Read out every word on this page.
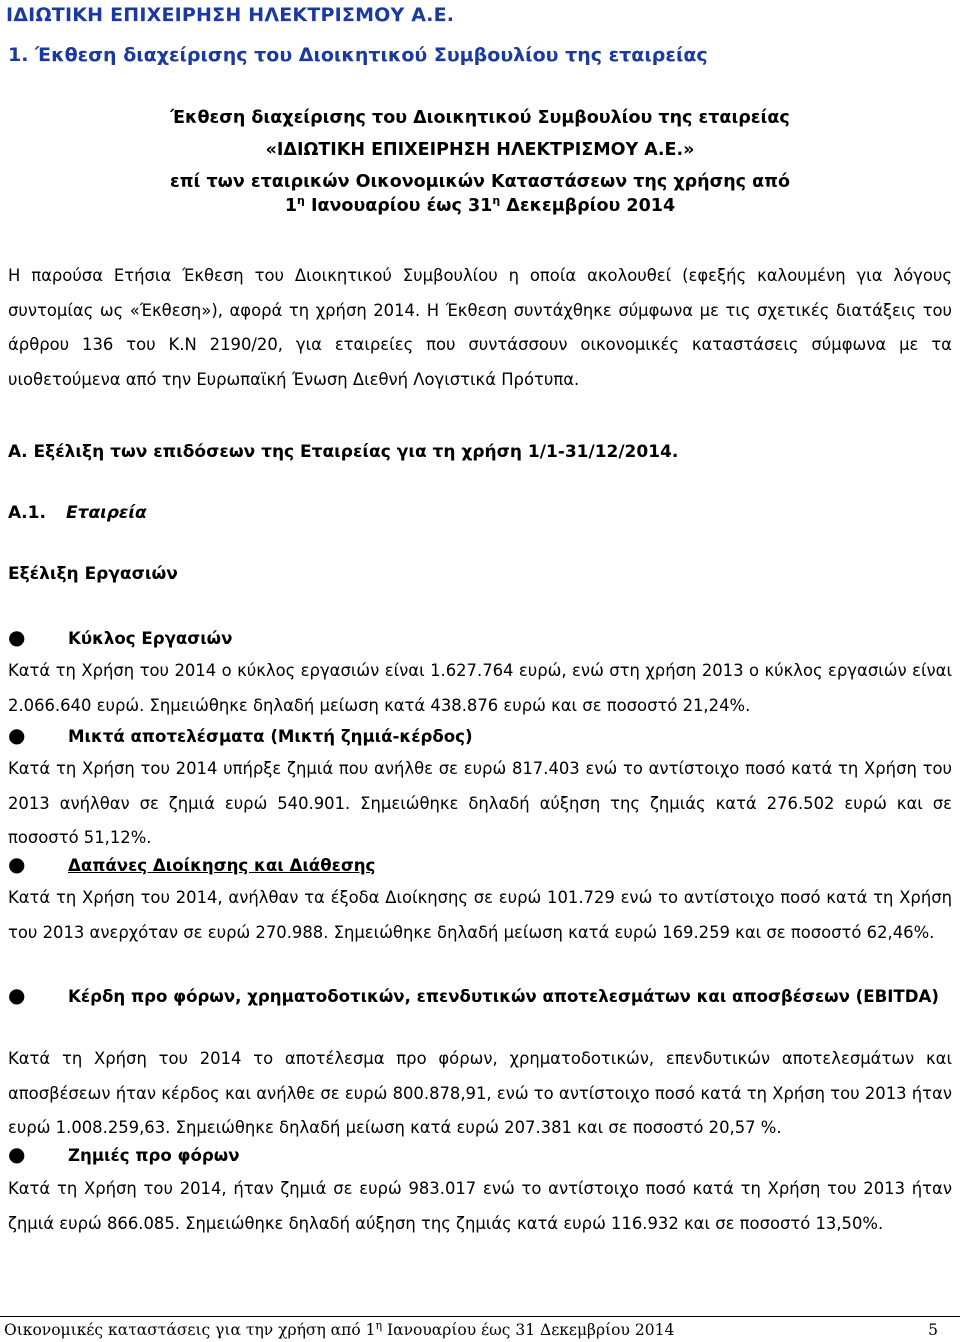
ΙΔΙΩΤΙΚΗ ΕΠΙΧΕΙΡΗΣΗ ΗΛΕΚΤΡΙΣΜΟΥ Α.Ε.
1. Έκθεση διαχείρισης του Διοικητικού Συμβουλίου της εταιρείας
Έκθεση διαχείρισης του Διοικητικού Συμβουλίου της εταιρείας
«ΙΔΙΩΤΙΚΗ ΕΠΙΧΕΙΡΗΣΗ ΗΛΕΚΤΡΙΣΜΟΥ Α.Ε.»
επί των εταιρικών Οικονομικών Καταστάσεων της χρήσης από
$1^\eta$ Ιανουαρίου έως $31^\eta$ Δεκεμβρίου 2014
Η παρούσα Ετήσια Έκθεση του Διοικητικού Συμβουλίου η οποία ακολουθεί (εφεξής καλουμένη για λόγους συντομίας ως «Έκθεση»), αφορά τη χρήση 2014. Η Έκθεση συντάχθηκε σύμφωνα με τις σχετικές διατάξεις του άρθρου 136 του Κ.Ν 2190/20, για εταιρείες που συντάσσουν οικονομικές καταστάσεις σύμφωνα με τα υιοθετούμενα από την Ευρωπαϊκή Ένωση Διεθνή Λογιστικά Πρότυπα.
Α. Εξέλιξη των επιδόσεων της Εταιρείας για τη χρήση 1/1-31/12/2014.
Α.1. Εταιρεία
Εξέλιξη Εργασιών
●	Κύκλος Εργασιών
Κατά τη Χρήση του 2014 ο κύκλος εργασιών είναι 1.627.764 ευρώ, ενώ στη χρήση 2013 ο κύκλος εργασιών είναι 2.066.640 ευρώ. Σημειώθηκε δηλαδή μείωση κατά 438.876 ευρώ και σε ποσοστό 21,24%.
●	Μικτά αποτελέσματα (Μικτή ζημιά-κέρδος)
Κατά τη Χρήση του 2014 υπήρξε ζημιά που ανήλθε σε ευρώ 817.403 ενώ το αντίστοιχο ποσό κατά τη Χρήση του 2013 ανήλθαν σε ζημιά ευρώ 540.901. Σημειώθηκε δηλαδή αύξηση της ζημιάς κατά 276.502 ευρώ και σε ποσοστό 51,12%.
●	Δαπάνες Διοίκησης και Διάθεσης
Κατά τη Χρήση του 2014, ανήλθαν τα έξοδα Διοίκησης σε ευρώ 101.729 ενώ το αντίστοιχο ποσό κατά τη Χρήση του 2013 ανερχόταν σε ευρώ 270.988. Σημειώθηκε δηλαδή μείωση κατά ευρώ 169.259 και σε ποσοστό 62,46%.
●	Κέρδη προ φόρων, χρηματοδοτικών, επενδυτικών αποτελεσμάτων και αποσβέσεων (EBITDA)
Κατά τη Χρήση του 2014 το αποτέλεσμα προ φόρων, χρηματοδοτικών, επενδυτικών αποτελεσμάτων και αποσβέσεων ήταν κέρδος και ανήλθε σε ευρώ 800.878,91, ενώ το αντίστοιχο ποσό κατά τη Χρήση του 2013 ήταν ευρώ 1.008.259,63. Σημειώθηκε δηλαδή μείωση κατά ευρώ 207.381 και σε ποσοστό 20,57 %.
●	Ζημιές προ φόρων
Κατά τη Χρήση του 2014, ήταν ζημιά σε ευρώ 983.017 ενώ το αντίστοιχο ποσό κατά τη Χρήση του 2013 ήταν ζημιά ευρώ 866.085. Σημειώθηκε δηλαδή αύξηση της ζημιάς κατά ευρώ 116.932 και σε ποσοστό 13,50%.
Οικονομικές καταστάσεις για την χρήση από $1^\eta$ Ιανουαρίου έως 31 Δεκεμβρίου 2014	5
